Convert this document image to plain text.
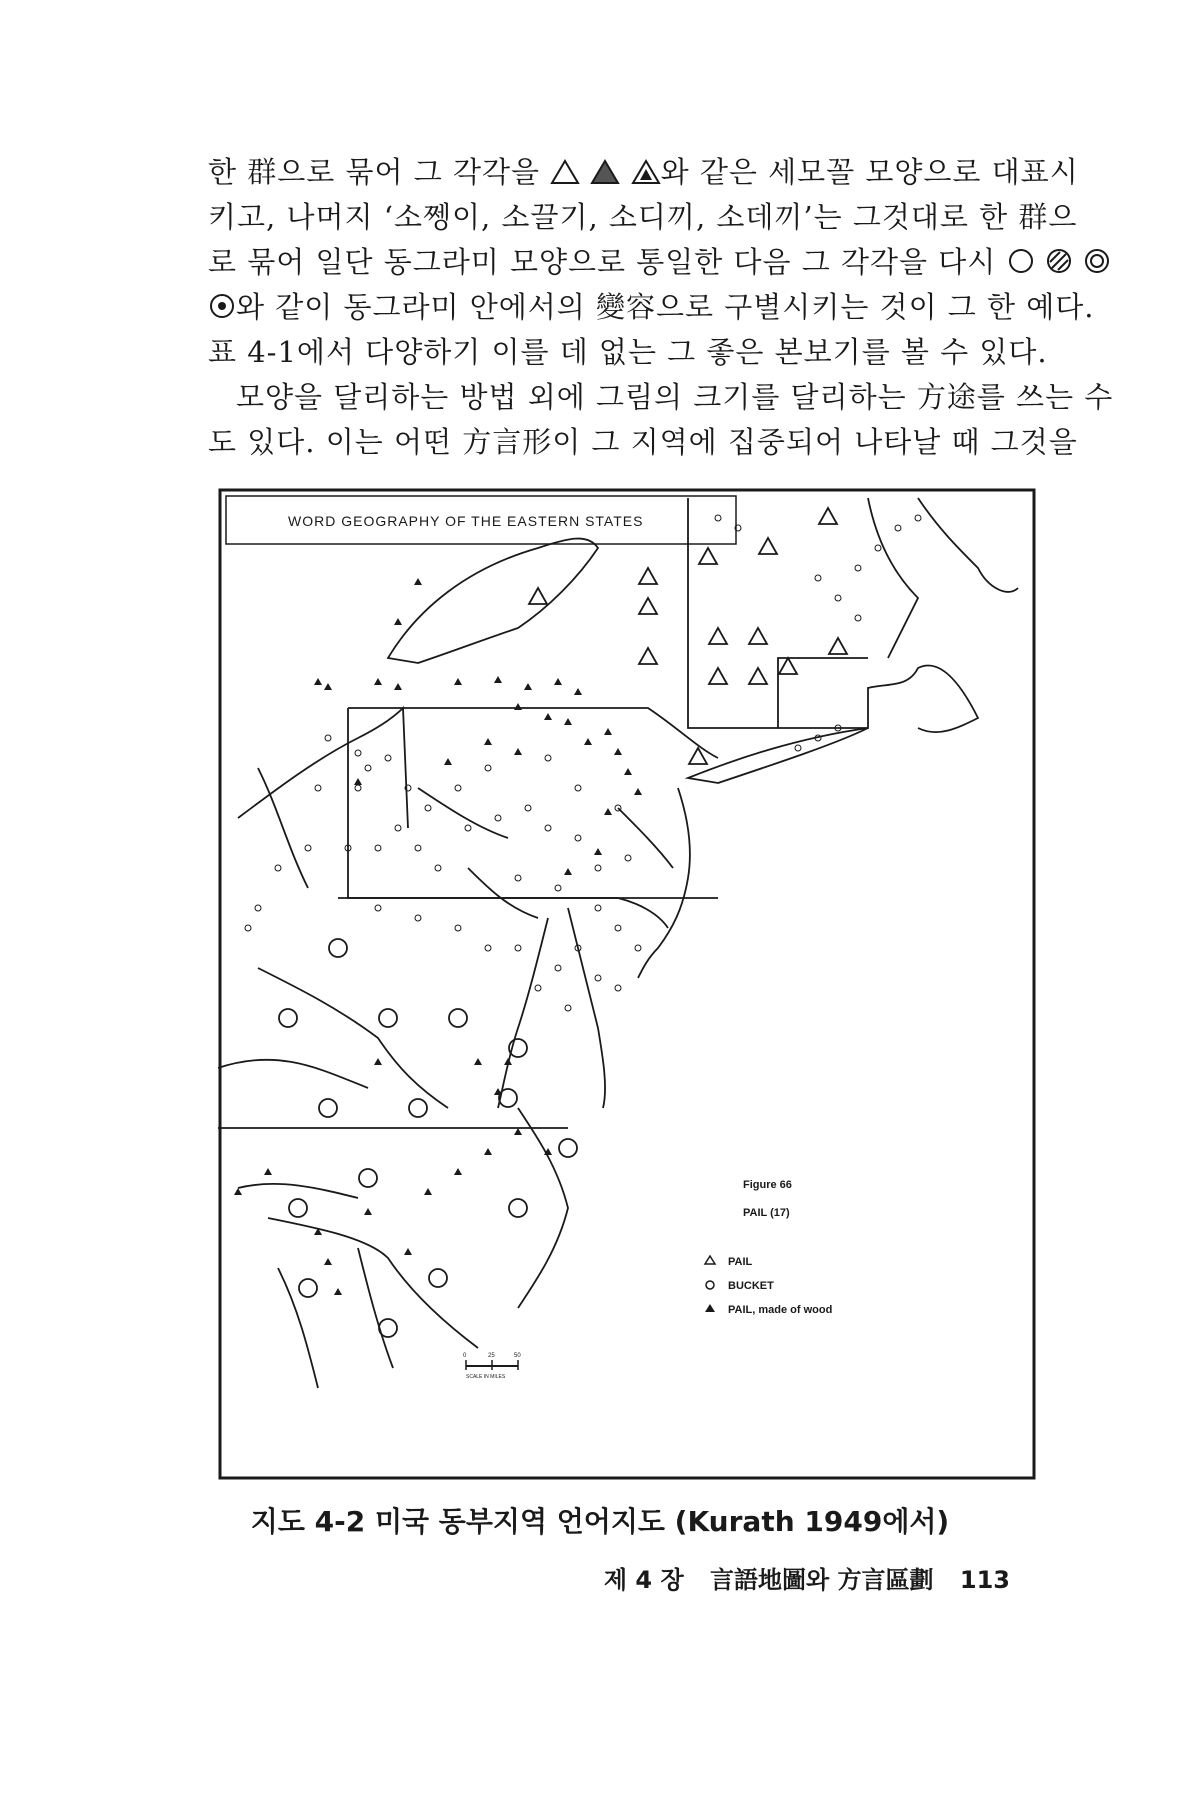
한 群으로 묶어 그 각각을	와 같은 세모꼴 모양으로 대표시
키고, 나머지 ‘소쩽이, 소끌기, 소디끼, 소데끼’는 그것대로 한 群으
로 묶어 일단 동그라미 모양으로 통일한 다음 그 각각을 다시
와 같이 동그라미 안에서의 變容으로 구별시키는 것이 그 한 예다.
표 4-1에서 다양하기 이를 데 없는 그 좋은 본보기를 볼 수 있다.
모양을 달리하는 방법 외에 그림의 크기를 달리하는 方途를 쓰는 수
도 있다. 이는 어떤 方言形이 그 지역에 집중되어 나타날 때 그것을
WORD GEOGRAPHY OF THE EASTERN STATES
Figure 66
PAIL (17)
PAIL
BUCKET
PAIL, made of wood
0	25	50
SCALE IN MILES
지도 4-2 미국 동부지역 언어지도 (Kurath 1949에서)
제 4 장 言語地圖와 方言區劃 113
